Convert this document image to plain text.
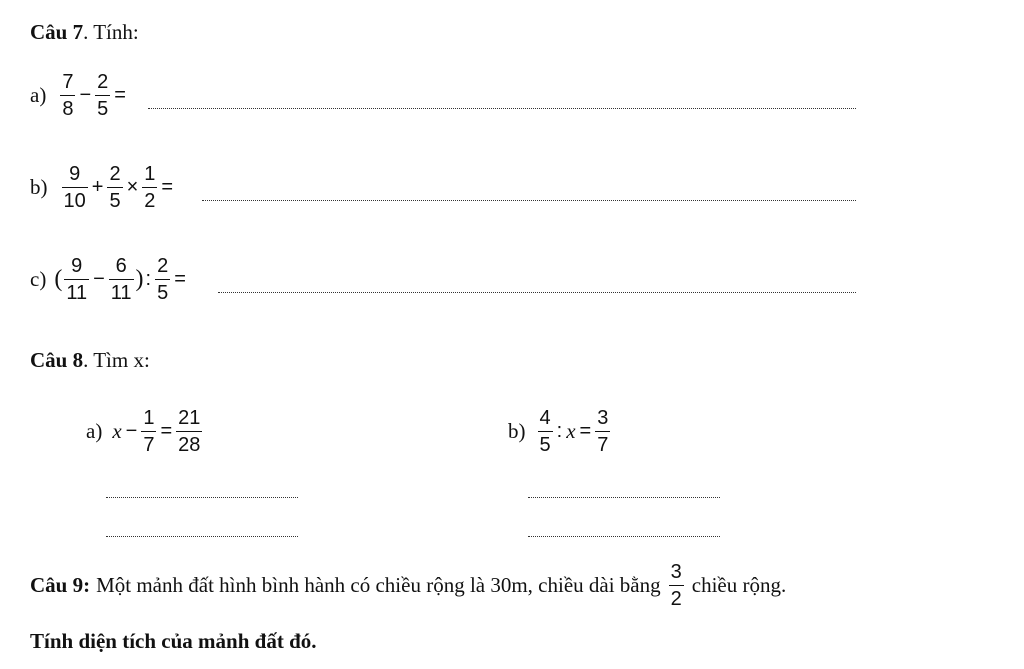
Câu 7. Tính:
$a) \frac{7}{8} - \frac{2}{5}$ =
$b) \frac{9}{10} + \frac{2}{5} \times \frac{1}{2}$ =
c) ( $\frac{9}{11} - \frac{6}{11}$ ) : $\frac{2}{5}$ =
Câu 8. Tìm x:
a) $x - \frac{1}{7} = \frac{21}{28}$	$b) \frac{4}{5}$ : $x = \frac{3}{7}$
Câu 9: Một mảnh đất hình bình hành có chiều rộng là 30m, chiều dài bằng $\frac{3}{2}$ chiều rộng.
Tính diện tích của mảnh đất đó.
